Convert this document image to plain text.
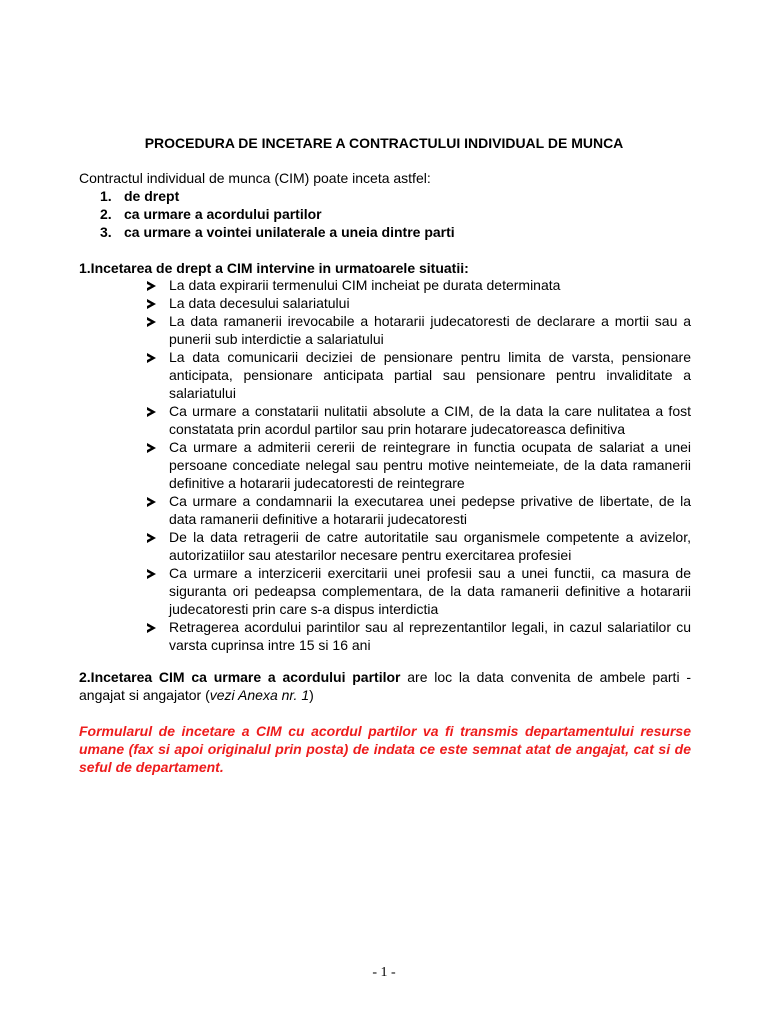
PROCEDURA DE INCETARE A CONTRACTULUI INDIVIDUAL DE MUNCA

Contractul individual de munca (CIM) poate inceta astfel:

1. de drept
2. ca urmare a acordului partilor
3. ca urmare a vointei unilaterale a uneia dintre parti

1.Incetarea de drept a CIM intervine in urmatoarele situatii:

La data expirarii termenului CIM incheiat pe durata determinata
La data decesului salariatului
La data ramanerii irevocabile a hotararii judecatoresti de declarare a mortii sau a punerii sub interdictie a salariatului
La data comunicarii deciziei de pensionare pentru limita de varsta, pensionare anticipata, pensionare anticipata partial sau pensionare pentru invaliditate a salariatului
Ca urmare a constatarii nulitatii absolute a CIM, de la data la care nulitatea a fost constatata prin acordul partilor sau prin hotarare judecatoreasca definitiva
Ca urmare a admiterii cererii de reintegrare in functia ocupata de salariat a unei persoane concediate nelegal sau pentru motive neintemeiate, de la data ramanerii definitive a hotararii judecatoresti de reintegrare
Ca urmare a condamnarii la executarea unei pedepse privative de libertate, de la data ramanerii definitive a hotararii judecatoresti
De la data retragerii de catre autoritatile sau organismele competente a avizelor, autorizatiilor sau atestarilor necesare pentru exercitarea profesiei
Ca urmare a interzicerii exercitarii unei profesii sau a unei functii, ca masura de siguranta ori pedeapsa complementara, de la data ramanerii definitive a hotararii judecatoresti prin care s-a dispus interdictia
Retragerea acordului parintilor sau al reprezentantilor legali, in cazul salariatilor cu varsta cuprinsa intre 15 si 16 ani

2.Incetarea CIM ca urmare a acordului partilor are loc la data convenita de ambele parti - angajat si angajator (vezi Anexa nr. 1)

Formularul de incetare a CIM cu acordul partilor va fi transmis departamentului resurse umane (fax si apoi originalul prin posta) de indata ce este semnat atat de angajat, cat si de seful de departament.

- 1 -
